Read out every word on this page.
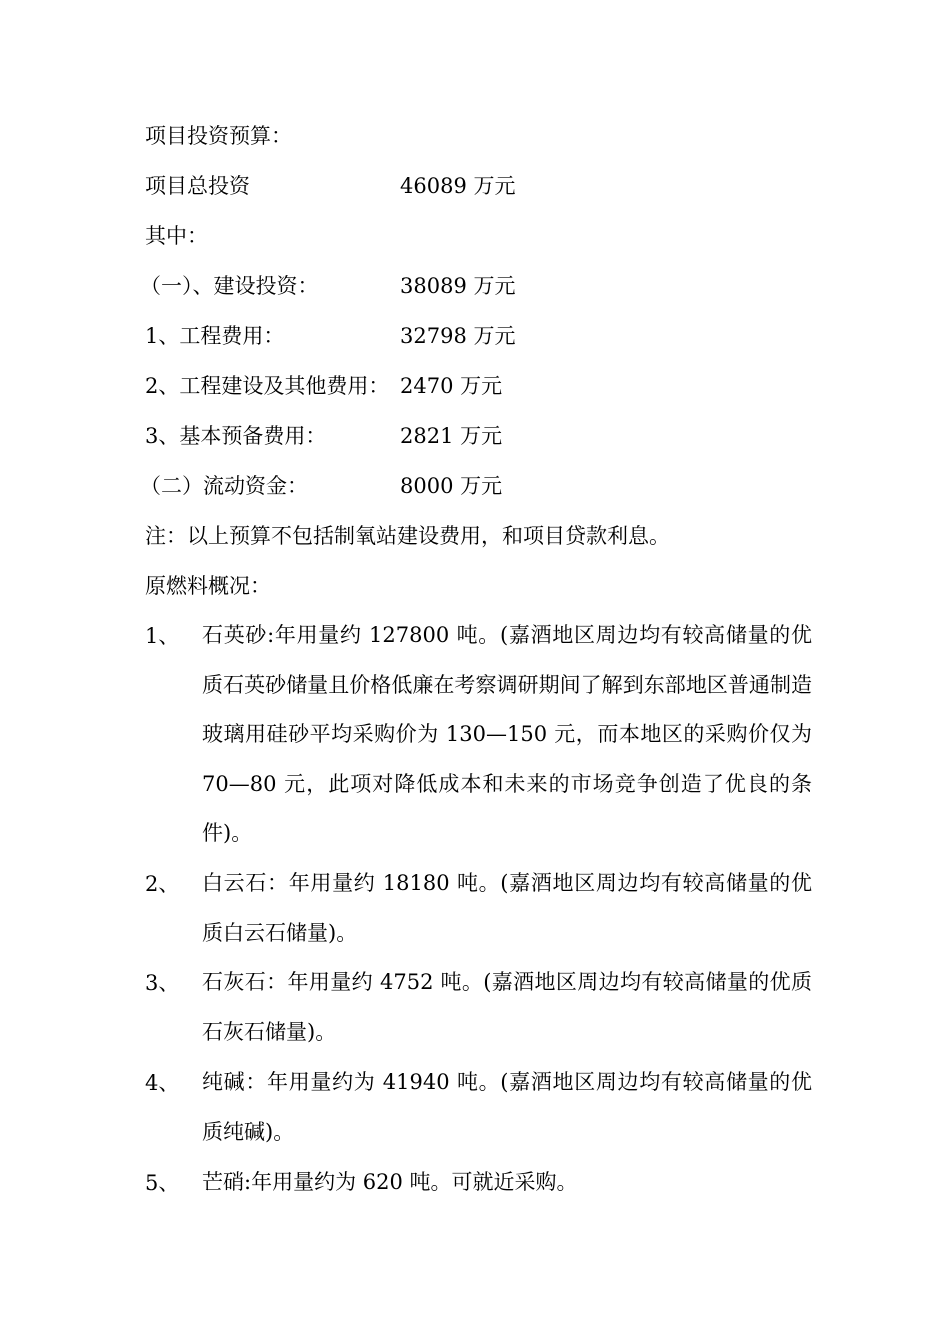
项目投资预算：
项目总投资	46089 万元
其中：
（一）、建设投资：	38089 万元
1、工程费用：	32798 万元
2、工程建设及其他费用： 2470 万元
3、基本预备费用：	2821 万元
（二）流动资金：	8000 万元
注：以上预算不包括制氧站建设费用，和项目贷款利息。
原燃料概况：
1、 石英砂:年用量约 127800 吨。(嘉酒地区周边均有较高储量的优质石英砂储量且价格低廉在考察调研期间了解到东部地区普通制造玻璃用硅砂平均采购价为 130—150 元，而本地区的采购价仅为 70—80 元，此项对降低成本和未来的市场竞争创造了优良的条件)。
2、 白云石：年用量约 18180 吨。(嘉酒地区周边均有较高储量的优质白云石储量)。
3、 石灰石：年用量约 4752 吨。(嘉酒地区周边均有较高储量的优质石灰石储量)。
4、 纯碱：年用量约为 41940 吨。(嘉酒地区周边均有较高储量的优质纯碱)。
5、 芒硝:年用量约为 620 吨。可就近采购。
